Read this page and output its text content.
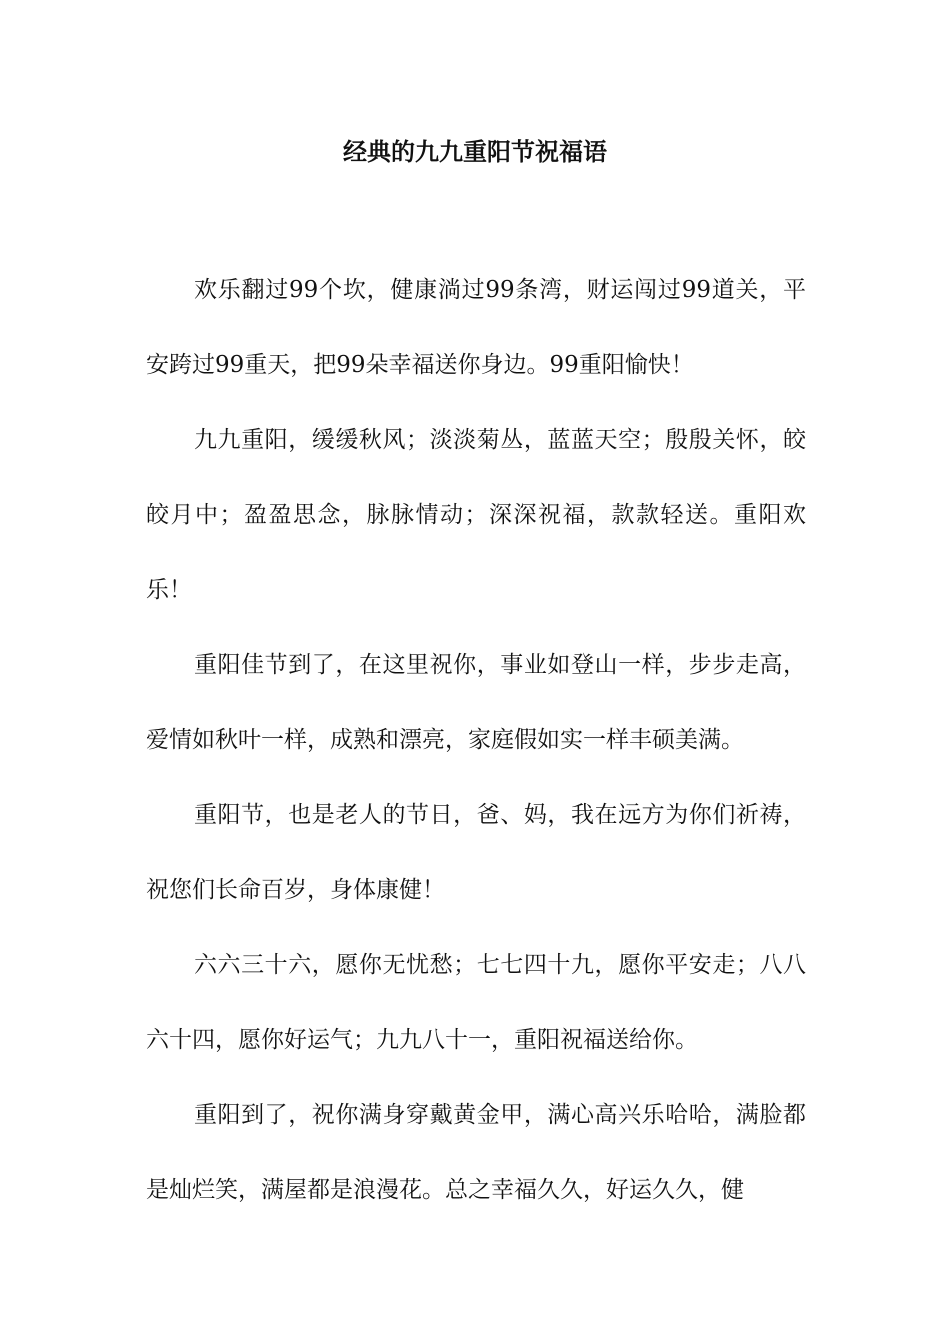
经典的九九重阳节祝福语

欢乐翻过99个坎，健康淌过99条湾，财运闯过99道关，平安跨过99重天，把99朵幸福送你身边。99重阳愉快！

九九重阳，缓缓秋风；淡淡菊丛，蓝蓝天空；殷殷关怀，皎皎月中；盈盈思念，脉脉情动；深深祝福，款款轻送。重阳欢乐！

重阳佳节到了，在这里祝你，事业如登山一样，步步走高，爱情如秋叶一样，成熟和漂亮，家庭假如实一样丰硕美满。

重阳节，也是老人的节日，爸、妈，我在远方为你们祈祷，祝您们长命百岁，身体康健！

六六三十六，愿你无忧愁；七七四十九，愿你平安走；八八六十四，愿你好运气；九九八十一，重阳祝福送给你。

重阳到了，祝你满身穿戴黄金甲，满心高兴乐哈哈，满脸都是灿烂笑，满屋都是浪漫花。总之幸福久久，好运久久，健
